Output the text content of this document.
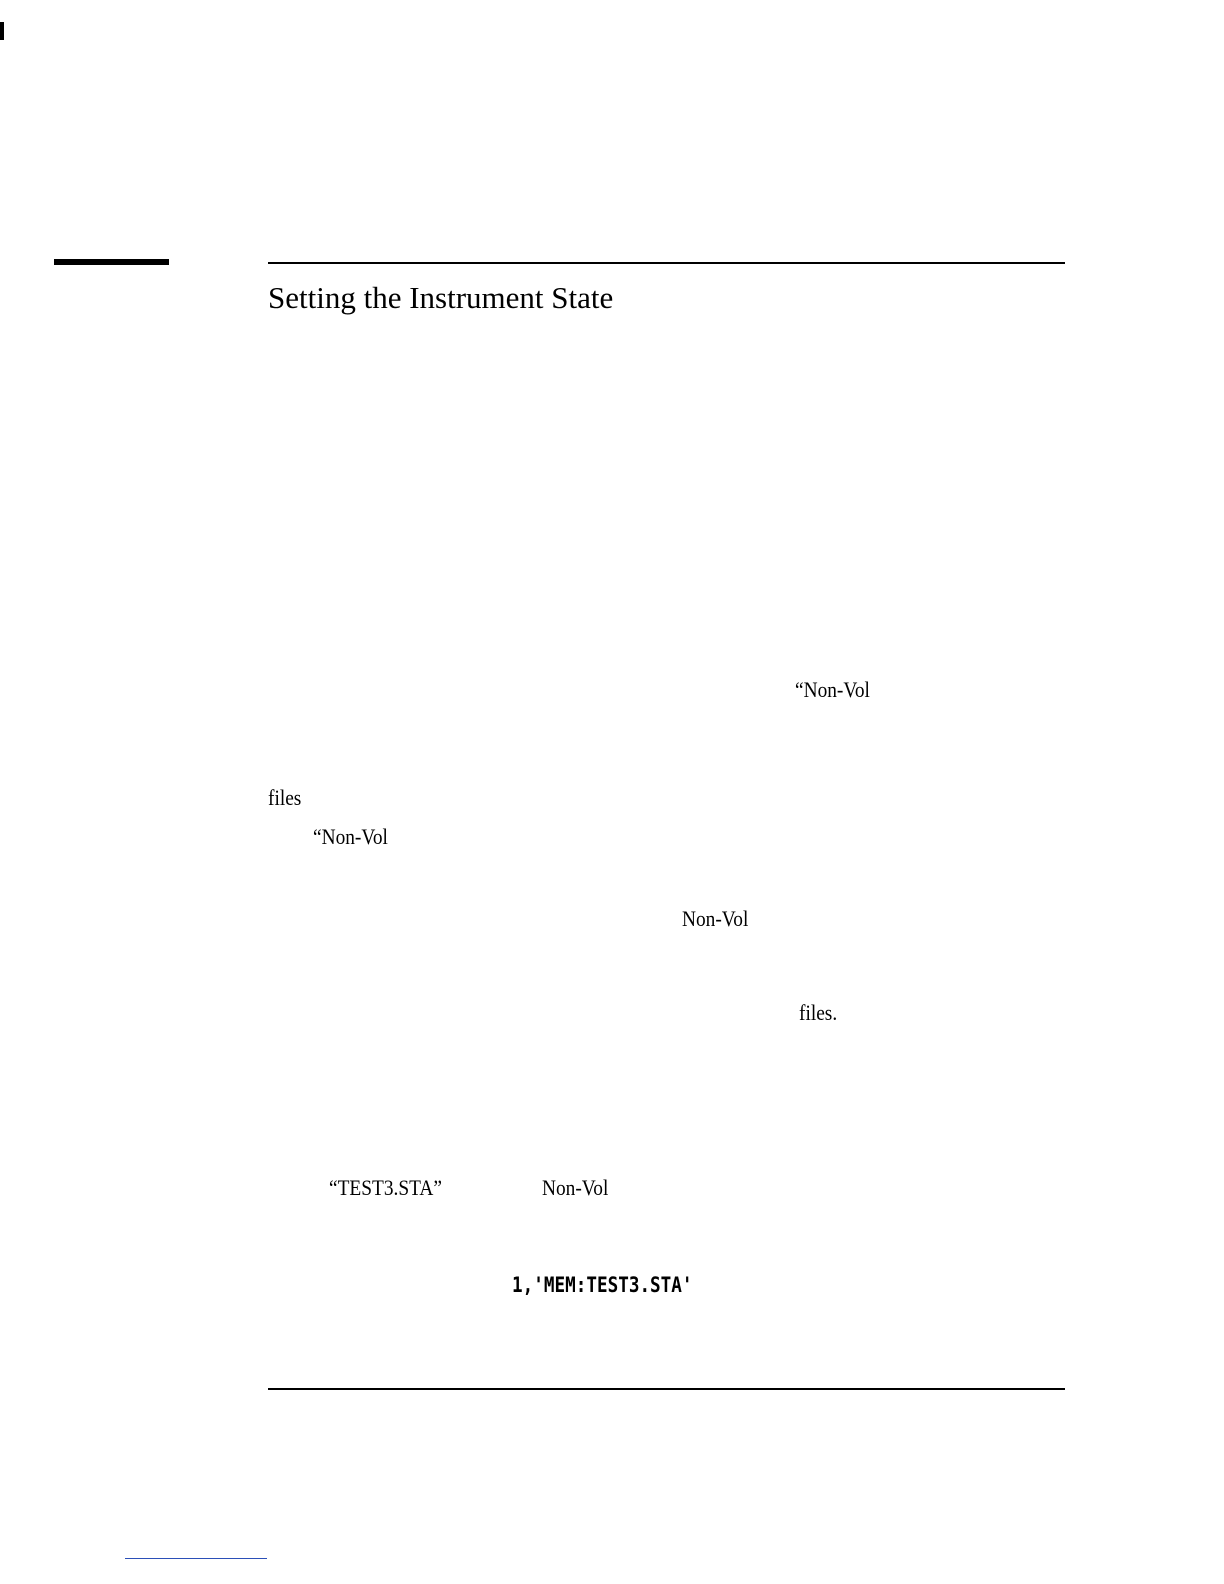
Setting the Instrument State
“Non-Vol
files
“Non-Vol
Non-Vol
files.
“TEST3.STA”	Non-Vol
1,'MEM:TEST3.STA'
